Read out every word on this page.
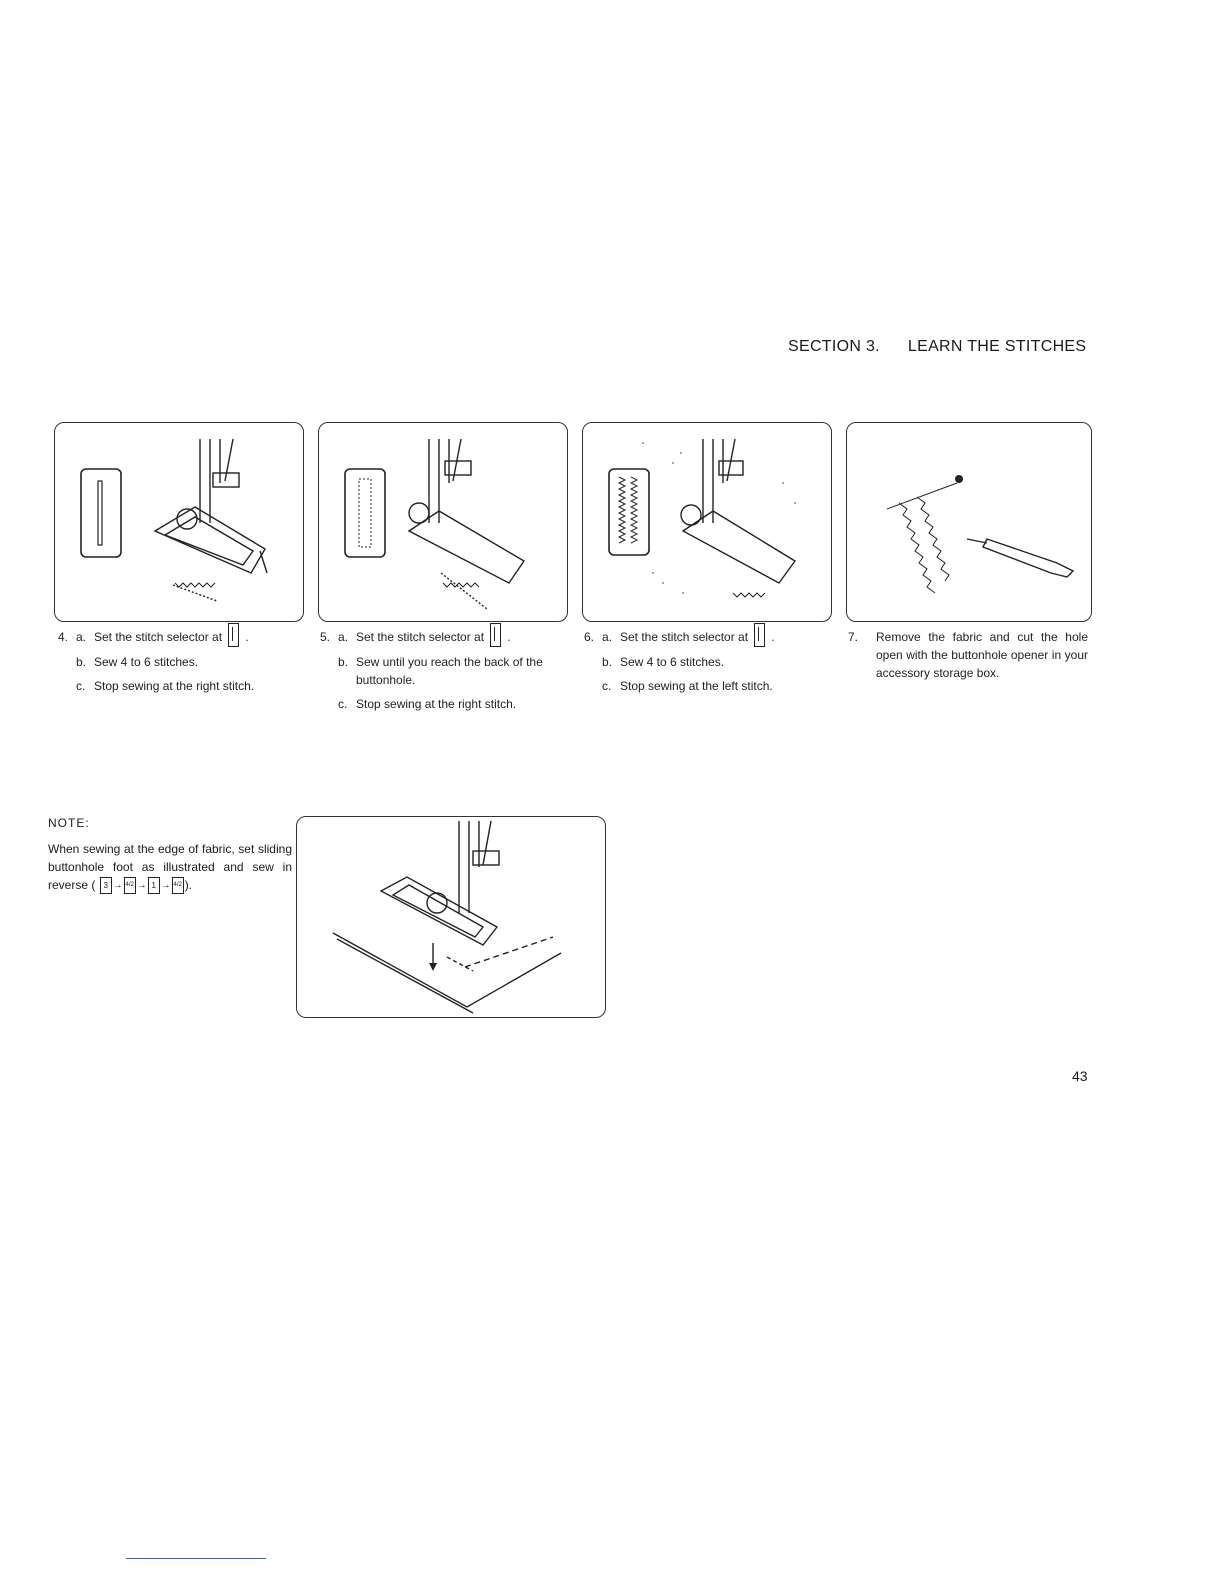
SECTION 3. LEARN THE STITCHES
4. a. Set the stitch selector at .
b. Sew 4 to 6 stitches.
c. Stop sewing at the right stitch.
5. a. Set the stitch selector at .
b. Sew until you reach the back of the buttonhole.
c. Stop sewing at the right stitch.
6. a. Set the stitch selector at .
b. Sew 4 to 6 stitches.
c. Stop sewing at the left stitch.
7.	Remove the fabric and cut the hole open with the buttonhole opener in your accessory storage box.
NOTE:
When sewing at the edge of fabric, set sliding buttonhole foot as illustrated and sew in reverse ( 3 → 4/2 → 1 → 4/2 ).
43
